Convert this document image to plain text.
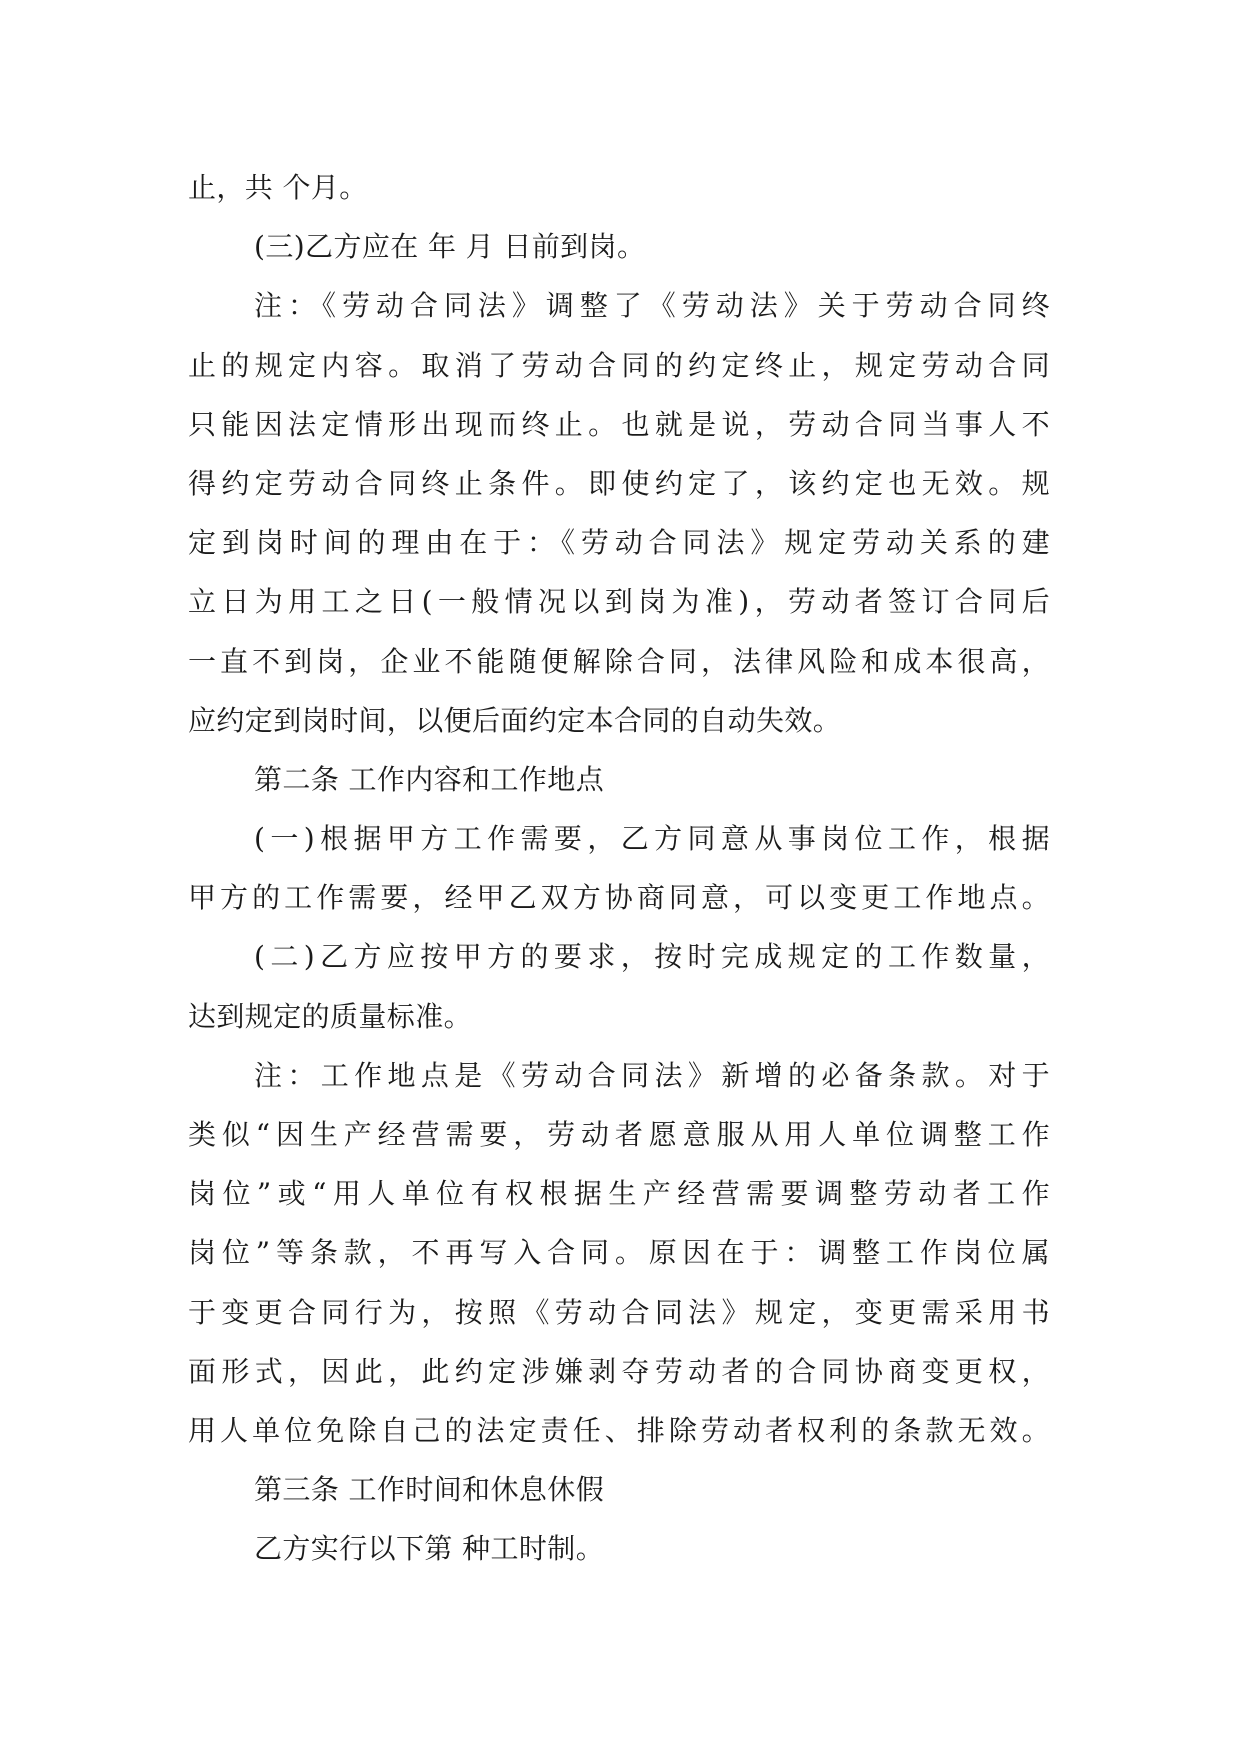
止，共 个月。
(三)乙方应在 年 月 日前到岗。
注：《劳动合同法》调整了《劳动法》关于劳动合同终
止的规定内容。取消了劳动合同的约定终止，规定劳动合同
只能因法定情形出现而终止。也就是说，劳动合同当事人不
得约定劳动合同终止条件。即使约定了，该约定也无效。规
定到岗时间的理由在于：《劳动合同法》规定劳动关系的建
立日为用工之日(一般情况以到岗为准)，劳动者签订合同后
一直不到岗，企业不能随便解除合同，法律风险和成本很高，
应约定到岗时间，以便后面约定本合同的自动失效。
第二条 工作内容和工作地点
(一)根据甲方工作需要，乙方同意从事岗位工作，根据
甲方的工作需要，经甲乙双方协商同意，可以变更工作地点。
(二)乙方应按甲方的要求，按时完成规定的工作数量，
达到规定的质量标准。
注：工作地点是《劳动合同法》新增的必备条款。对于
类似“因生产经营需要，劳动者愿意服从用人单位调整工作
岗位”或“用人单位有权根据生产经营需要调整劳动者工作
岗位”等条款，不再写入合同。原因在于：调整工作岗位属
于变更合同行为，按照《劳动合同法》规定，变更需采用书
面形式，因此，此约定涉嫌剥夺劳动者的合同协商变更权，
用人单位免除自己的法定责任、排除劳动者权利的条款无效。
第三条 工作时间和休息休假
乙方实行以下第 种工时制。
